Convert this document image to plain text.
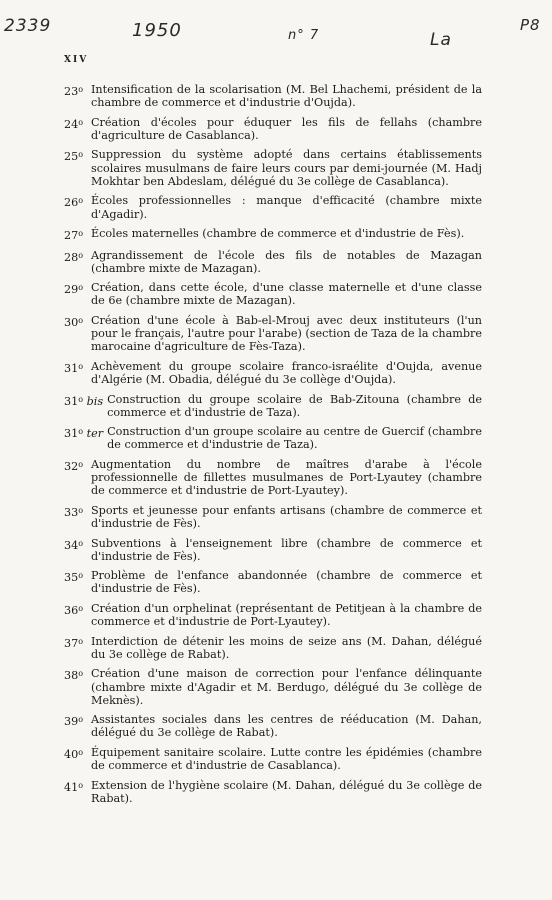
2339	1950	n° 7	La
P8
XIV
23$^o$ Intensification de la scolarisation (M. Bel Lhachemi, président de la chambre de commerce et d'industrie d'Oujda).
24$^o$ Création d'écoles pour éduquer les fils de fellahs (chambre d'agriculture de Casablanca).
25$^o$ Suppression du système adopté dans certains établissements scolaires musulmans de faire leurs cours par demi-journée (M. Hadj Mokhtar ben Abdeslam, délégué du 3e collège de Casablanca).
26$^o$ Écoles professionnelles : manque d'efficacité (chambre mixte d'Agadir).
27$^o$ Écoles maternelles (chambre de commerce et d'industrie de Fès).
28$^o$ Agrandissement de l'école des fils de notables de Mazagan (chambre mixte de Mazagan).
29$^o$ Création, dans cette école, d'une classe maternelle et d'une classe de 6e (chambre mixte de Mazagan).
30$^o$ Création d'une école à Bab-el-Mrouj avec deux instituteurs (l'un pour le français, l'autre pour l'arabe) (section de Taza de la chambre marocaine d'agriculture de Fès-Taza).
31$^o$ Achèvement du groupe scolaire franco-israélite d'Oujda, avenue d'Algérie (M. Obadia, délégué du 3e collège d'Oujda).
31$^o$ bis Construction du groupe scolaire de Bab-Zitouna (chambre de commerce et d'industrie de Taza).
31$^o$ ter Construction d'un groupe scolaire au centre de Guercif (chambre de commerce et d'industrie de Taza).
32$^o$ Augmentation du nombre de maîtres d'arabe à l'école professionnelle de fillettes musulmanes de Port-Lyautey (chambre de commerce et d'industrie de Port-Lyautey).
33$^o$ Sports et jeunesse pour enfants artisans (chambre de commerce et d'industrie de Fès).
34$^o$ Subventions à l'enseignement libre (chambre de commerce et d'industrie de Fès).
35$^o$ Problème de l'enfance abandonnée (chambre de commerce et d'industrie de Fès).
36$^o$ Création d'un orphelinat (représentant de Petitjean à la chambre de commerce et d'industrie de Port-Lyautey).
37$^o$ Interdiction de détenir les moins de seize ans (M. Dahan, délégué du 3e collège de Rabat).
38$^o$ Création d'une maison de correction pour l'enfance délinquante (chambre mixte d'Agadir et M. Berdugo, délégué du 3e collège de Meknès).
39$^o$ Assistantes sociales dans les centres de rééducation (M. Dahan, délégué du 3e collège de Rabat).
40$^o$ Équipement sanitaire scolaire. Lutte contre les épidémies (chambre de commerce et d'industrie de Casablanca).
41$^o$ Extension de l'hygiène scolaire (M. Dahan, délégué du 3e collège de Rabat).
